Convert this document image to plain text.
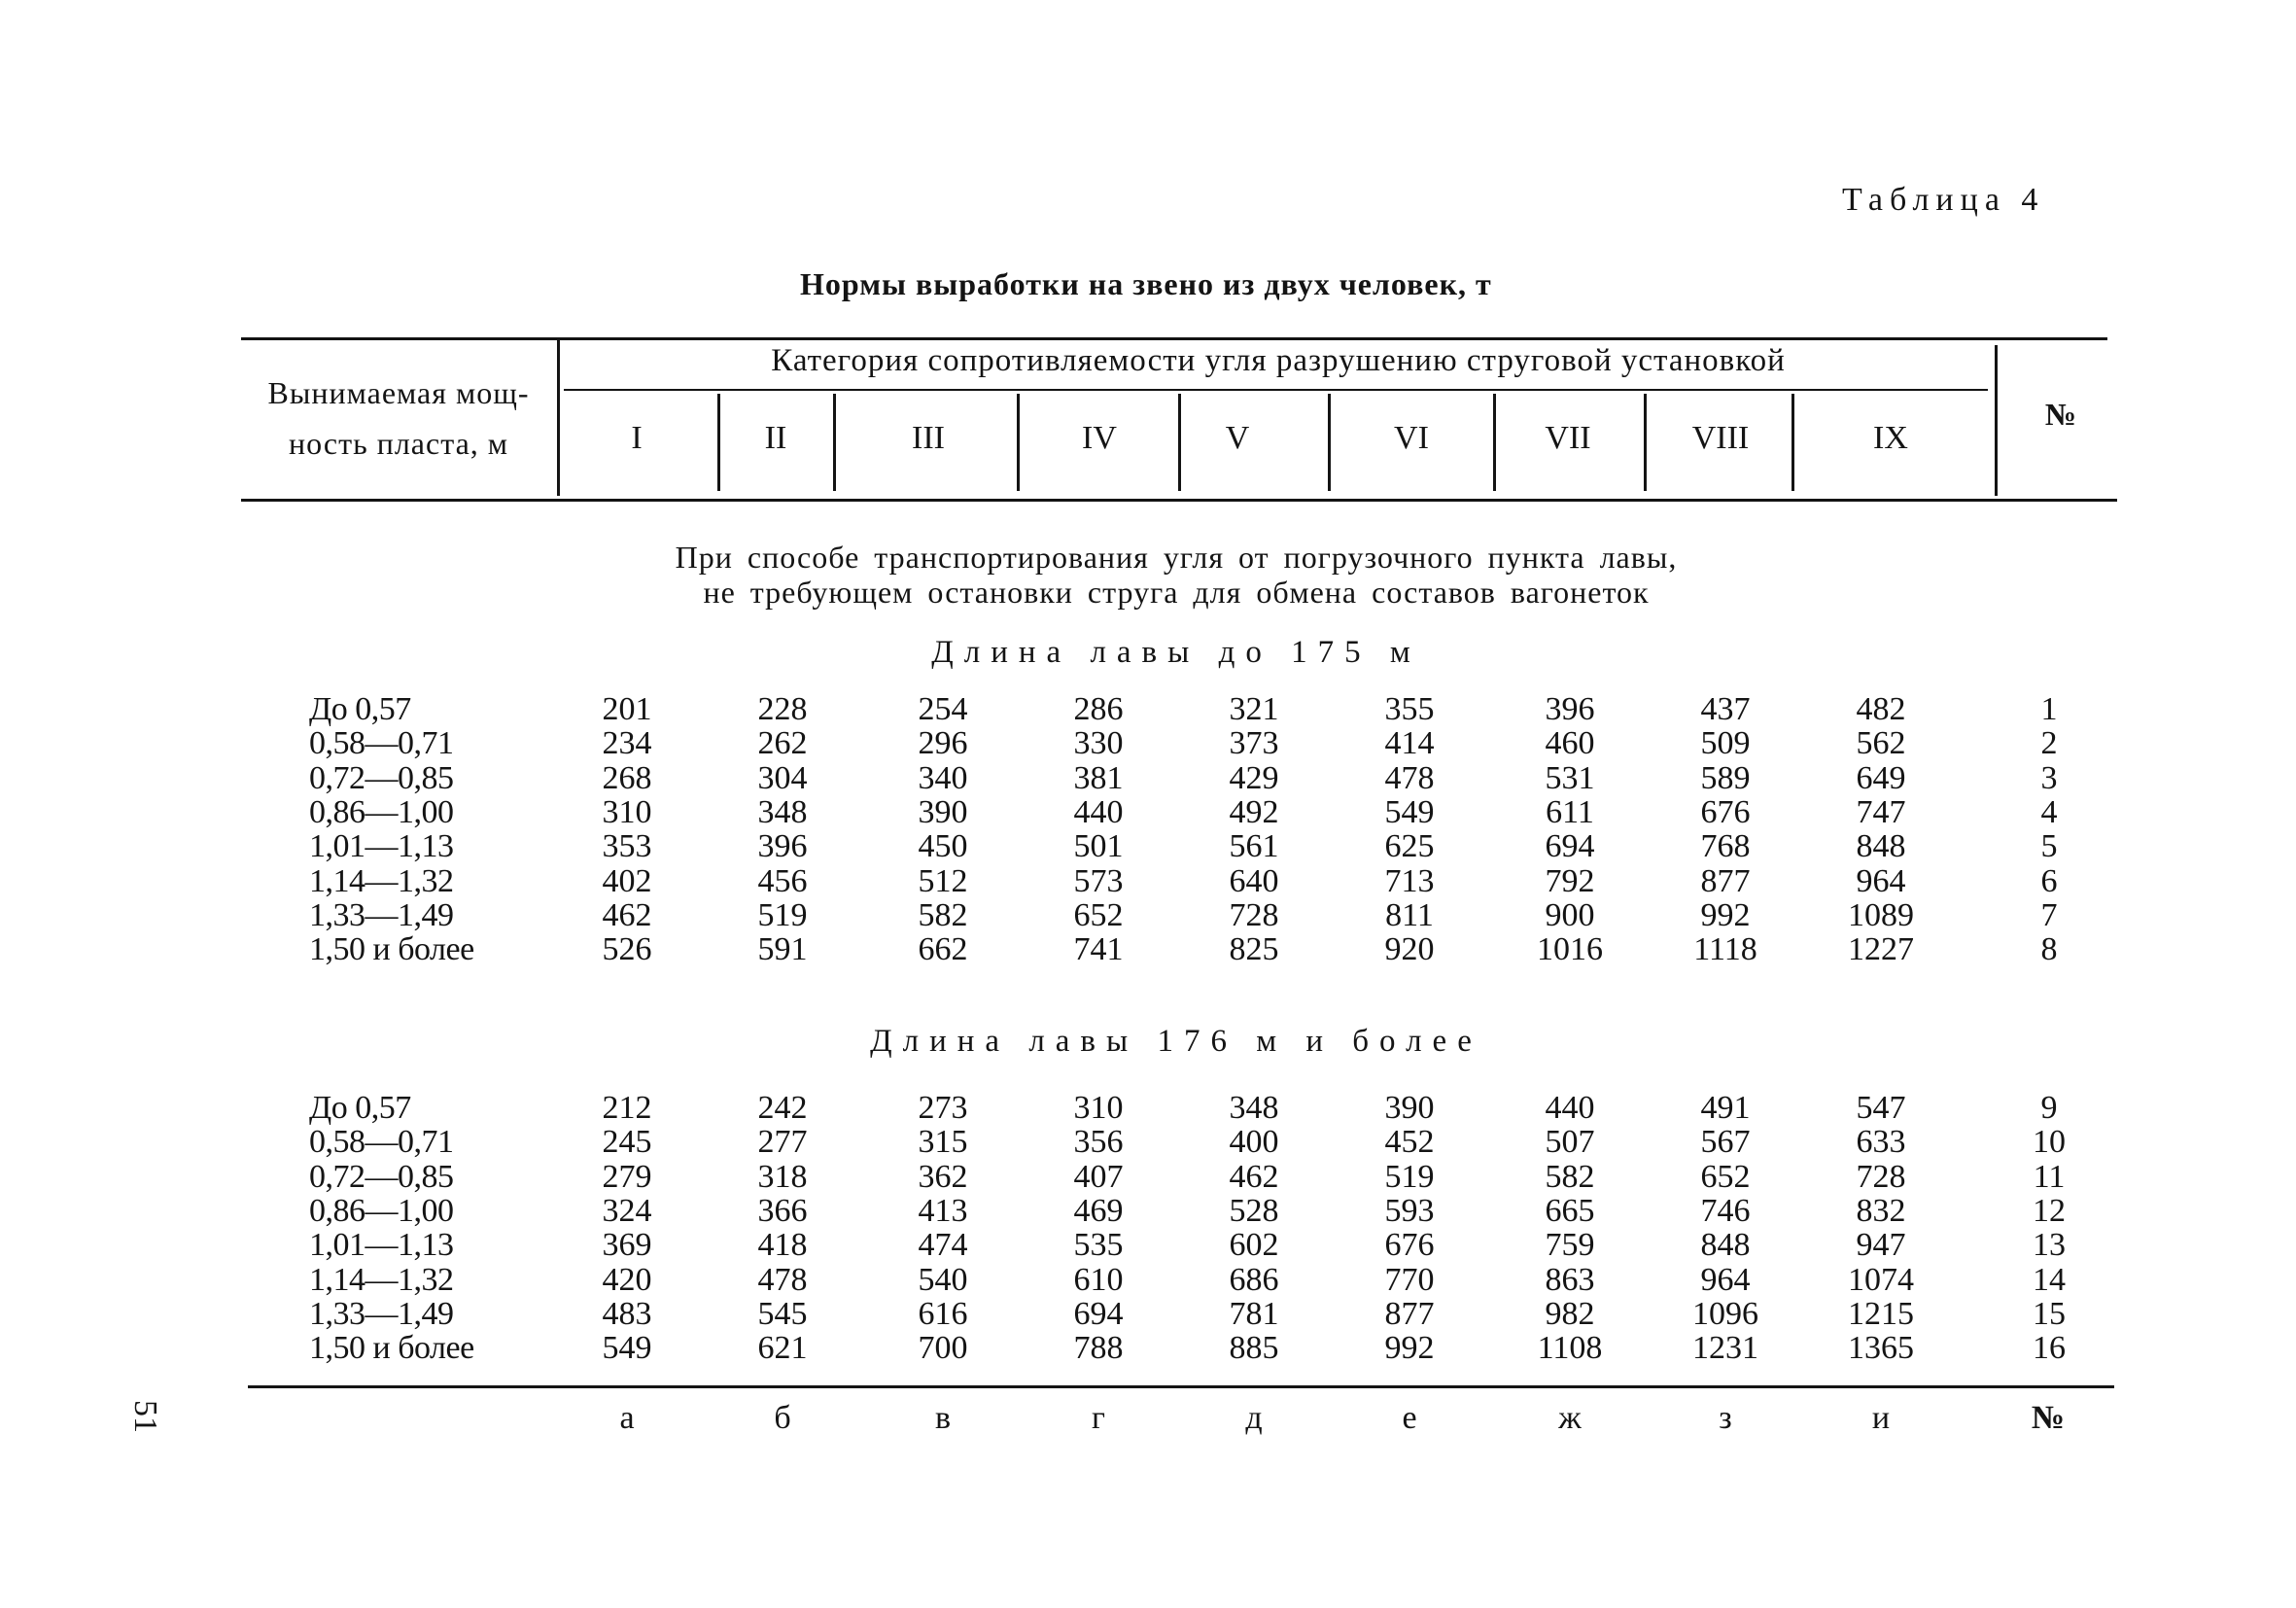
51
Таблица 4
Нормы выработки на звено из двух человек, т
Вынимаемая мощ-
ность пласта, м
Категория сопротивляемости угля разрушению струговой установкой
№
I	II	III	IV	V	VI	VII	VIII	IX
При способе транспортирования угля от погрузочного пункта лавы,
не требующем остановки струга для обмена составов вагонеток
Длина лавы до 175 м
До 0,57	201	228	254	286	321	355	396	437	482	1
0,58—0,71	234	262	296	330	373	414	460	509	562	2
0,72—0,85	268	304	340	381	429	478	531	589	649	3
0,86—1,00	310	348	390	440	492	549	611	676	747	4
1,01—1,13	353	396	450	501	561	625	694	768	848	5
1,14—1,32	402	456	512	573	640	713	792	877	964	6
1,33—1,49	462	519	582	652	728	811	900	992	1089	7
1,50 и более	526	591	662	741	825	920	1016	1118	1227	8
Длина лавы 176 м и более
До 0,57	212	242	273	310	348	390	440	491	547	9
0,58—0,71	245	277	315	356	400	452	507	567	633	10
0,72—0,85	279	318	362	407	462	519	582	652	728	11
0,86—1,00	324	366	413	469	528	593	665	746	832	12
1,01—1,13	369	418	474	535	602	676	759	848	947	13
1,14—1,32	420	478	540	610	686	770	863	964	1074	14
1,33—1,49	483	545	616	694	781	877	982	1096	1215	15
1,50 и более	549	621	700	788	885	992	1108	1231	1365	16
а	б	в	г	д	е	ж	з	и	№
